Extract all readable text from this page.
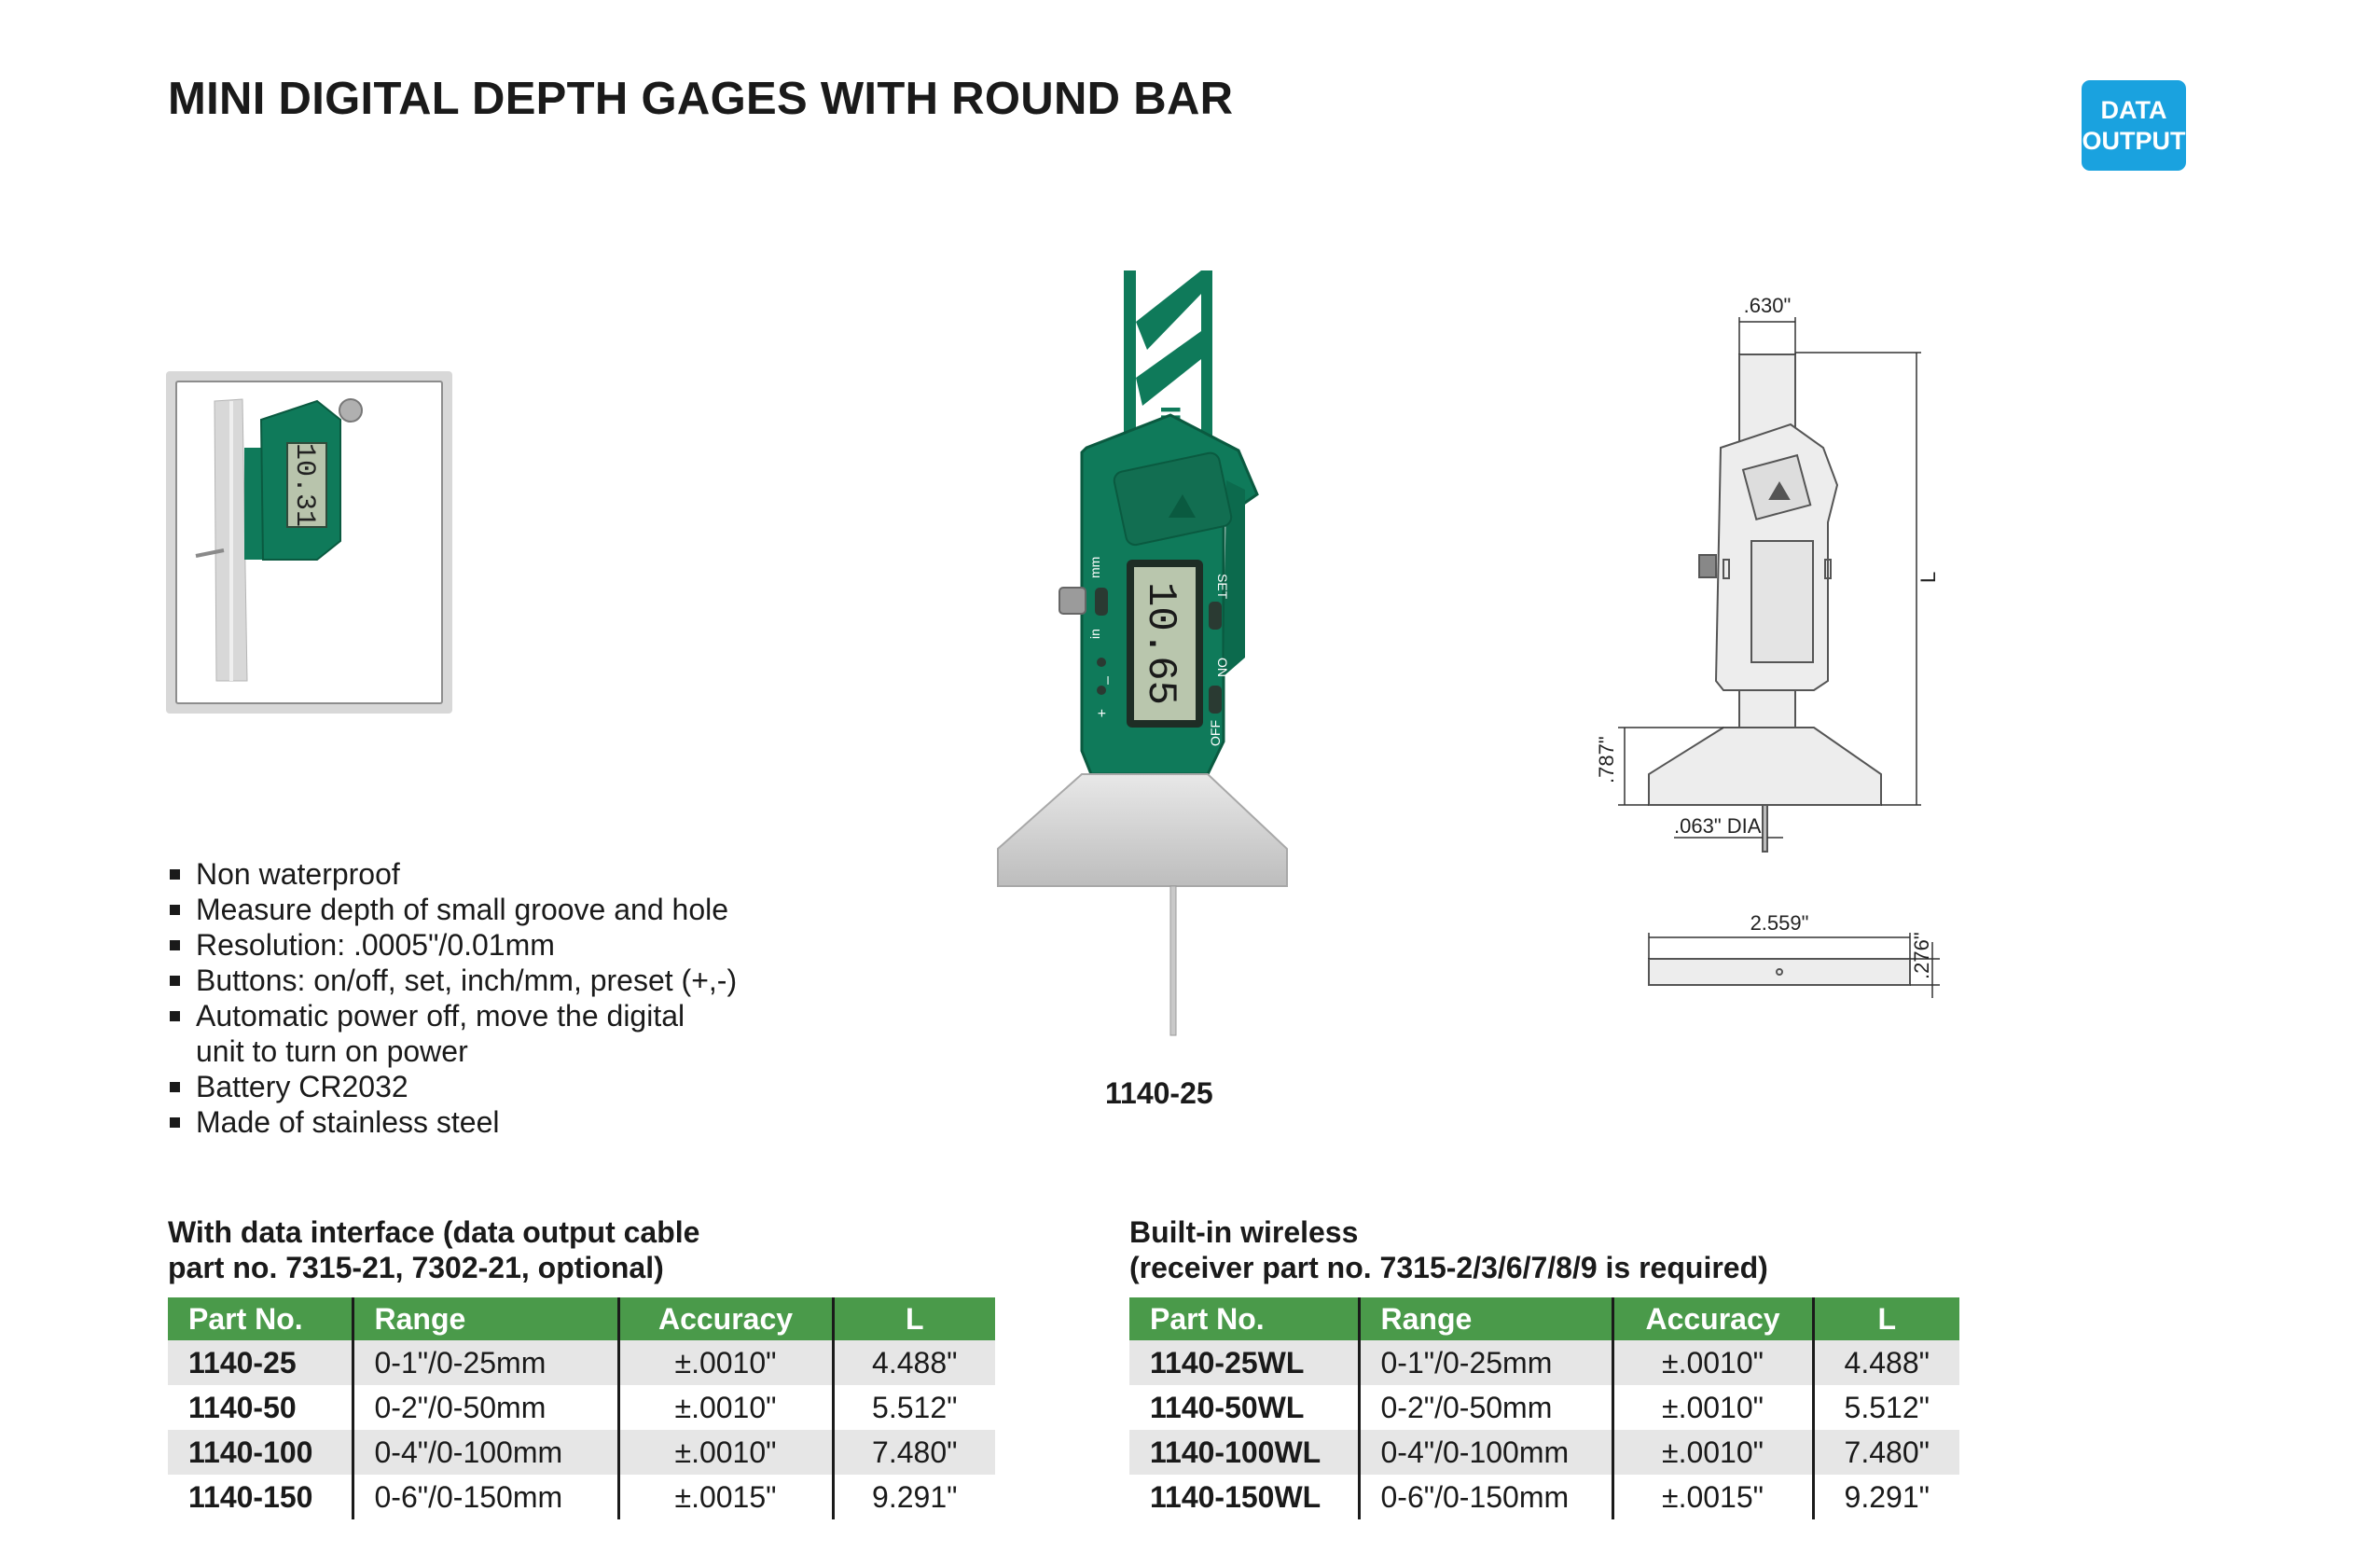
MINI DIGITAL DEPTH GAGES WITH ROUND BAR	DATA
OUTPUT
10.31
Non waterproof
Measure depth of small groove and hole
Resolution: .0005"/0.01mm
Buttons: on/off, set, inch/mm, preset (+,-)
Automatic power off, move the digital unit to turn on power
Battery CR2032
Made of stainless steel
10.65
mm
in
–
+
SET
ON
OFF
1140-25
.630"
L
.787"
.063" DIA
2.559"
.276"
With data interface (data output cable
part no. 7315-21, 7302-21, optional)
Part No.	Range	Accuracy	L
1140-25	0-1"/0-25mm	±.0010"	4.488"
1140-50	0-2"/0-50mm	±.0010"	5.512"
1140-100	0-4"/0-100mm	±.0010"	7.480"
1140-150	0-6"/0-150mm	±.0015"	9.291"
Built-in wireless
(receiver part no. 7315-2/3/6/7/8/9 is required)
Part No.	Range	Accuracy	L
1140-25WL	0-1"/0-25mm	±.0010"	4.488"
1140-50WL	0-2"/0-50mm	±.0010"	5.512"
1140-100WL	0-4"/0-100mm	±.0010"	7.480"
1140-150WL	0-6"/0-150mm	±.0015"	9.291"
